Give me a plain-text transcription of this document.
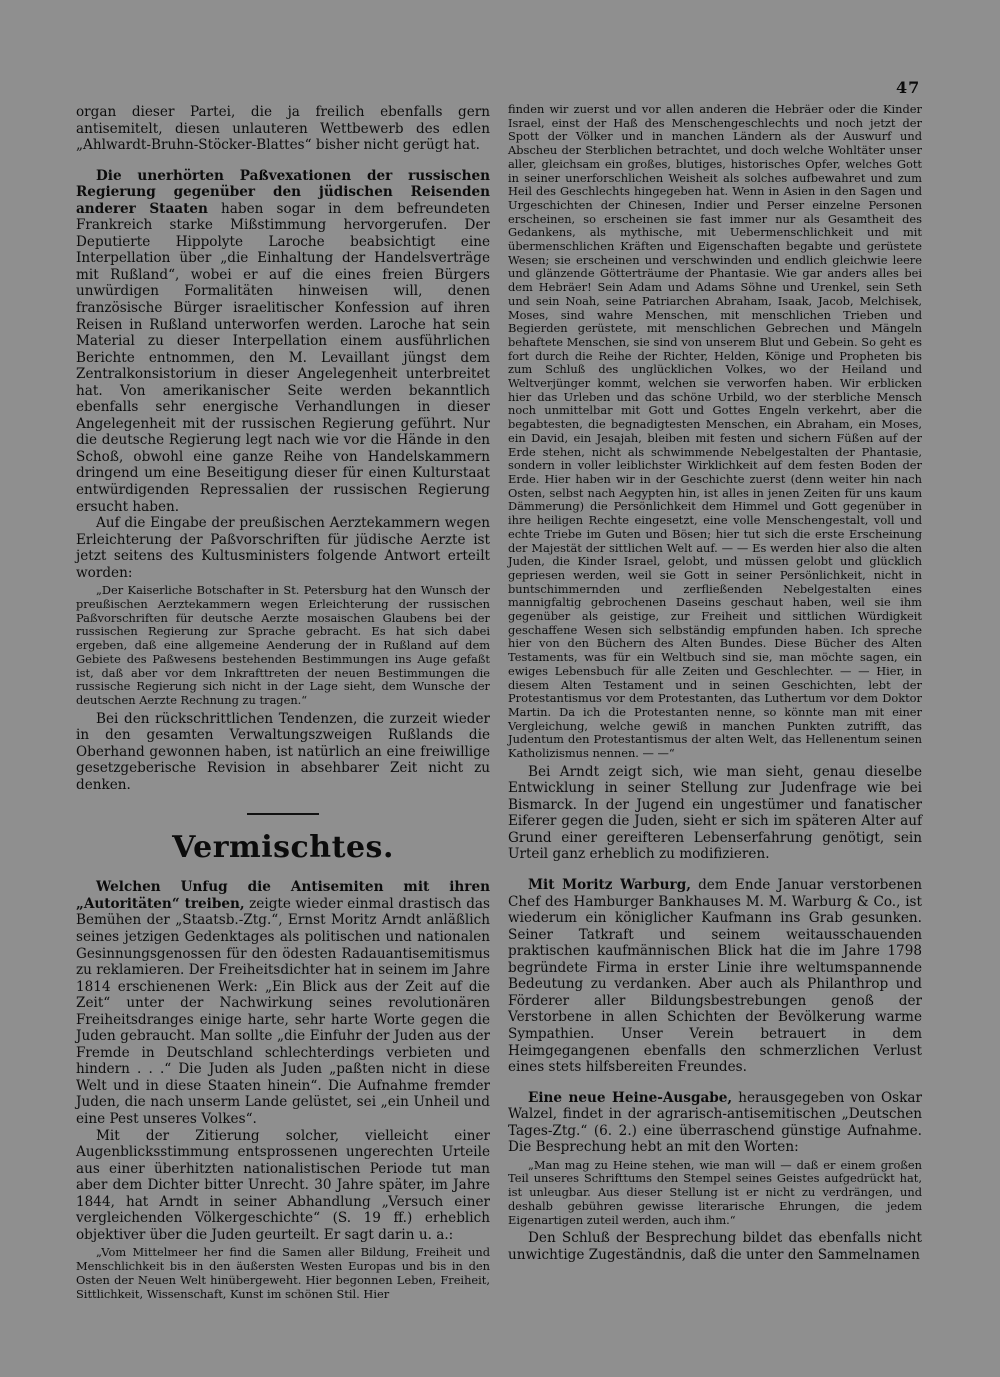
47

organ dieser Partei, die ja freilich ebenfalls gern antisemitelt, diesen unlauteren Wettbewerb des edlen „Ahlwardt-Bruhn-Stöcker-Blattes“ bisher nicht gerügt hat.

Die unerhörten Paßvexationen der russischen Regierung gegenüber den jüdischen Reisenden anderer Staaten haben sogar in dem befreundeten Frankreich starke Mißstimmung hervorgerufen. Der Deputierte Hippolyte Laroche beabsichtigt eine Interpellation über „die Einhaltung der Handelsverträge mit Rußland“, wobei er auf die eines freien Bürgers unwürdigen Formalitäten hinweisen will, denen französische Bürger israelitischer Konfession auf ihren Reisen in Rußland unterworfen werden. Laroche hat sein Material zu dieser Interpellation einem ausführlichen Berichte entnommen, den M. Levaillant jüngst dem Zentralkonsistorium in dieser Angelegenheit unterbreitet hat. Von amerikanischer Seite werden bekanntlich ebenfalls sehr energische Verhandlungen in dieser Angelegenheit mit der russischen Regierung geführt. Nur die deutsche Regierung legt nach wie vor die Hände in den Schoß, obwohl eine ganze Reihe von Handelskammern dringend um eine Beseitigung dieser für einen Kulturstaat entwürdigenden Repressalien der russischen Regierung ersucht haben.

Auf die Eingabe der preußischen Aerztekammern wegen Erleichterung der Paßvorschriften für jüdische Aerzte ist jetzt seitens des Kultusministers folgende Antwort erteilt worden:

„Der Kaiserliche Botschafter in St. Petersburg hat den Wunsch der preußischen Aerztekammern wegen Erleichterung der russischen Paßvorschriften für deutsche Aerzte mosaischen Glaubens bei der russischen Regierung zur Sprache gebracht. Es hat sich dabei ergeben, daß eine allgemeine Aenderung der in Rußland auf dem Gebiete des Paßwesens bestehenden Bestimmungen ins Auge gefaßt ist, daß aber vor dem Inkrafttreten der neuen Bestimmungen die russische Regierung sich nicht in der Lage sieht, dem Wunsche der deutschen Aerzte Rechnung zu tragen.“

Bei den rückschrittlichen Tendenzen, die zurzeit wieder in den gesamten Verwaltungszweigen Rußlands die Oberhand gewonnen haben, ist natürlich an eine freiwillige gesetzgeberische Revision in absehbarer Zeit nicht zu denken.

Vermischtes.

Welchen Unfug die Antisemiten mit ihren „Autoritäten“ treiben, zeigte wieder einmal drastisch das Bemühen der „Staatsb.-Ztg.“, Ernst Moritz Arndt anläßlich seines jetzigen Gedenktages als politischen und nationalen Gesinnungsgenossen für den ödesten Radauantisemitismus zu reklamieren. Der Freiheitsdichter hat in seinem im Jahre 1814 erschienenen Werk: „Ein Blick aus der Zeit auf die Zeit“ unter der Nachwirkung seines revolutionären Freiheitsdranges einige harte, sehr harte Worte gegen die Juden gebraucht. Man sollte „die Einfuhr der Juden aus der Fremde in Deutschland schlechterdings verbieten und hindern . . .“ Die Juden als Juden „paßten nicht in diese Welt und in diese Staaten hinein“. Die Aufnahme fremder Juden, die nach unserm Lande gelüstet, sei „ein Unheil und eine Pest unseres Volkes“.

Mit der Zitierung solcher, vielleicht einer Augenblicksstimmung entsprossenen ungerechten Urteile aus einer überhitzten nationalistischen Periode tut man aber dem Dichter bitter Unrecht. 30 Jahre später, im Jahre 1844, hat Arndt in seiner Abhandlung „Versuch einer vergleichenden Völkergeschichte“ (S. 19 ff.) erheblich objektiver über die Juden geurteilt. Er sagt darin u. a.:

„Vom Mittelmeer her find die Samen aller Bildung, Freiheit und Menschlichkeit bis in den äußersten Westen Europas und bis in den Osten der Neuen Welt hinübergeweht. Hier begonnen Leben, Freiheit, Sittlichkeit, Wissenschaft, Kunst im schönen Stil. Hier

finden wir zuerst und vor allen anderen die Hebräer oder die Kinder Israel, einst der Haß des Menschengeschlechts und noch jetzt der Spott der Völker und in manchen Ländern als der Auswurf und Abscheu der Sterblichen betrachtet, und doch welche Wohltäter unser aller, gleichsam ein großes, blutiges, historisches Opfer, welches Gott in seiner unerforschlichen Weisheit als solches aufbewahret und zum Heil des Geschlechts hingegeben hat. Wenn in Asien in den Sagen und Urgeschichten der Chinesen, Indier und Perser einzelne Personen erscheinen, so erscheinen sie fast immer nur als Gesamtheit des Gedankens, als mythische, mit Uebermenschlichkeit und mit übermenschlichen Kräften und Eigenschaften begabte und gerüstete Wesen; sie erscheinen und verschwinden und endlich gleichwie leere und glänzende Götterträume der Phantasie. Wie gar anders alles bei dem Hebräer! Sein Adam und Adams Söhne und Urenkel, sein Seth und sein Noah, seine Patriarchen Abraham, Isaak, Jacob, Melchisek, Moses, sind wahre Menschen, mit menschlichen Trieben und Begierden gerüstete, mit menschlichen Gebrechen und Mängeln behaftete Menschen, sie sind von unserem Blut und Gebein. So geht es fort durch die Reihe der Richter, Helden, Könige und Propheten bis zum Schluß des unglücklichen Volkes, wo der Heiland und Weltverjünger kommt, welchen sie verworfen haben. Wir erblicken hier das Urleben und das schöne Urbild, wo der sterbliche Mensch noch unmittelbar mit Gott und Gottes Engeln verkehrt, aber die begabtesten, die begnadigtesten Menschen, ein Abraham, ein Moses, ein David, ein Jesajah, bleiben mit festen und sichern Füßen auf der Erde stehen, nicht als schwimmende Nebelgestalten der Phantasie, sondern in voller leiblichster Wirklichkeit auf dem festen Boden der Erde. Hier haben wir in der Geschichte zuerst (denn weiter hin nach Osten, selbst nach Aegypten hin, ist alles in jenen Zeiten für uns kaum Dämmerung) die Persönlichkeit dem Himmel und Gott gegenüber in ihre heiligen Rechte eingesetzt, eine volle Menschengestalt, voll und echte Triebe im Guten und Bösen; hier tut sich die erste Erscheinung der Majestät der sittlichen Welt auf. — — Es werden hier also die alten Juden, die Kinder Israel, gelobt, und müssen gelobt und glücklich gepriesen werden, weil sie Gott in seiner Persönlichkeit, nicht in buntschimmernden und zerfließenden Nebelgestalten eines mannigfaltig gebrochenen Daseins geschaut haben, weil sie ihm gegenüber als geistige, zur Freiheit und sittlichen Würdigkeit geschaffene Wesen sich selbständig empfunden haben. Ich spreche hier von den Büchern des Alten Bundes. Diese Bücher des Alten Testaments, was für ein Weltbuch sind sie, man möchte sagen, ein ewiges Lebensbuch für alle Zeiten und Geschlechter. — — Hier, in diesem Alten Testament und in seinen Geschichten, lebt der Protestantismus vor dem Protestanten, das Luthertum vor dem Doktor Martin. Da ich die Protestanten nenne, so könnte man mit einer Vergleichung, welche gewiß in manchen Punkten zutrifft, das Judentum den Protestantismus der alten Welt, das Hellenentum seinen Katholizismus nennen. — —“

Bei Arndt zeigt sich, wie man sieht, genau dieselbe Entwicklung in seiner Stellung zur Judenfrage wie bei Bismarck. In der Jugend ein ungestümer und fanatischer Eiferer gegen die Juden, sieht er sich im späteren Alter auf Grund einer gereifteren Lebenserfahrung genötigt, sein Urteil ganz erheblich zu modifizieren.

Mit Moritz Warburg, dem Ende Januar verstorbenen Chef des Hamburger Bankhauses M. M. Warburg & Co., ist wiederum ein königlicher Kaufmann ins Grab gesunken. Seiner Tatkraft und seinem weitausschauenden praktischen kaufmännischen Blick hat die im Jahre 1798 begründete Firma in erster Linie ihre weltumspannende Bedeutung zu verdanken. Aber auch als Philanthrop und Förderer aller Bildungsbestrebungen genoß der Verstorbene in allen Schichten der Bevölkerung warme Sympathien. Unser Verein betrauert in dem Heimgegangenen ebenfalls den schmerzlichen Verlust eines stets hilfsbereiten Freundes.

Eine neue Heine-Ausgabe, herausgegeben von Oskar Walzel, findet in der agrarisch-antisemitischen „Deutschen Tages-Ztg.“ (6. 2.) eine überraschend günstige Aufnahme. Die Besprechung hebt an mit den Worten:

„Man mag zu Heine stehen, wie man will — daß er einem großen Teil unseres Schrifttums den Stempel seines Geistes aufgedrückt hat, ist unleugbar. Aus dieser Stellung ist er nicht zu verdrängen, und deshalb gebühren gewisse literarische Ehrungen, die jedem Eigenartigen zuteil werden, auch ihm.“

Den Schluß der Besprechung bildet das ebenfalls nicht unwichtige Zugeständnis, daß die unter den Sammelnamen
